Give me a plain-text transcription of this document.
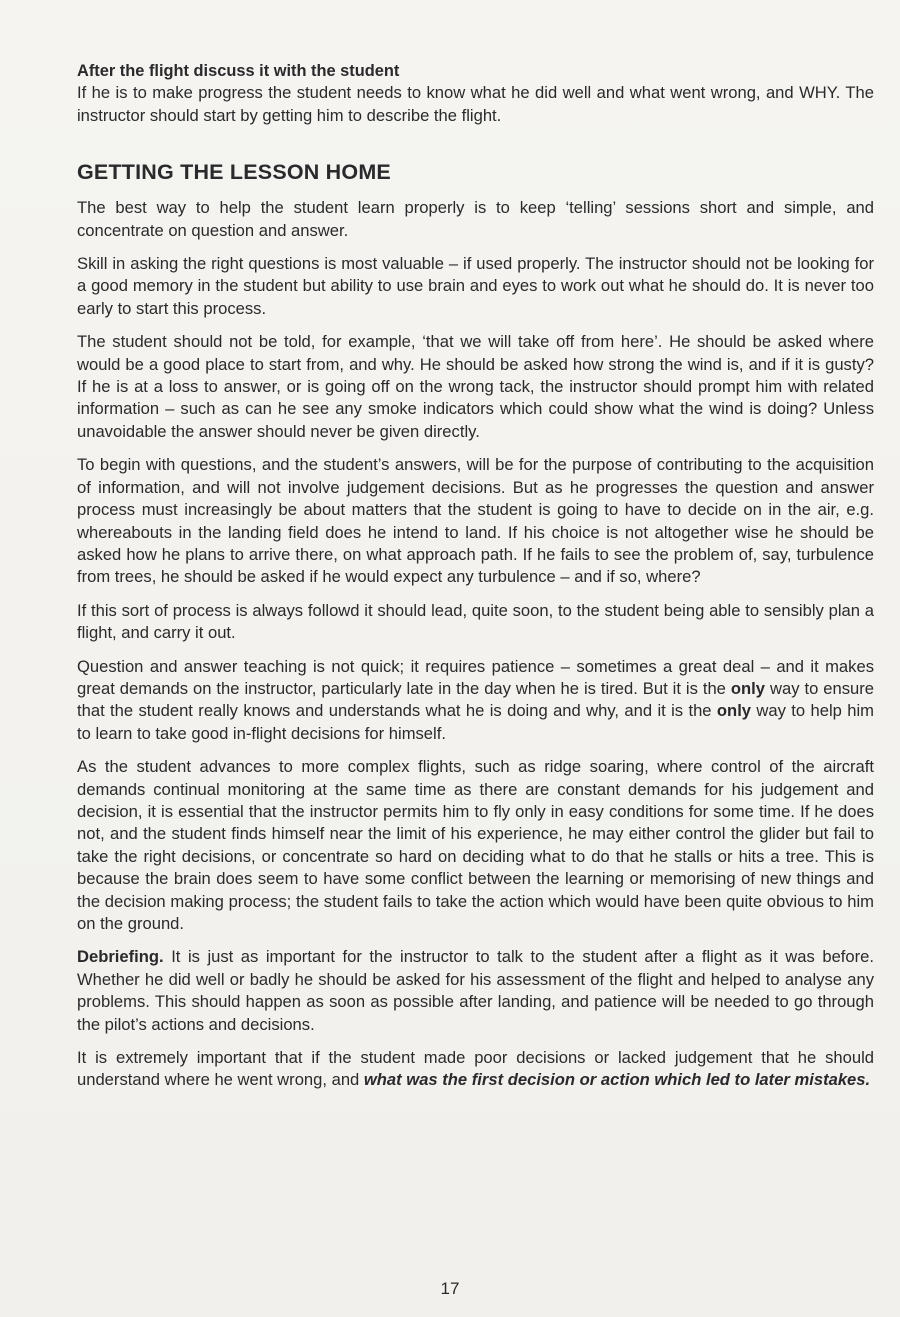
After the flight discuss it with the student
If he is to make progress the student needs to know what he did well and what went wrong, and WHY. The instructor should start by getting him to describe the flight.

GETTING THE LESSON HOME

The best way to help the student learn properly is to keep ‘telling’ sessions short and simple, and concentrate on question and answer.

Skill in asking the right questions is most valuable – if used properly. The instructor should not be looking for a good memory in the student but ability to use brain and eyes to work out what he should do. It is never too early to start this process.

The student should not be told, for example, ‘that we will take off from here’. He should be asked where would be a good place to start from, and why. He should be asked how strong the wind is, and if it is gusty? If he is at a loss to answer, or is going off on the wrong tack, the instructor should prompt him with related information – such as can he see any smoke indicators which could show what the wind is doing? Unless unavoidable the answer should never be given directly.

To begin with questions, and the student’s answers, will be for the purpose of contributing to the acquisition of information, and will not involve judgement decisions. But as he progresses the question and answer process must increasingly be about matters that the student is going to have to decide on in the air, e.g. whereabouts in the landing field does he intend to land. If his choice is not altogether wise he should be asked how he plans to arrive there, on what approach path. If he fails to see the problem of, say, turbulence from trees, he should be asked if he would expect any turbulence – and if so, where?

If this sort of process is always followd it should lead, quite soon, to the student being able to sensibly plan a flight, and carry it out.

Question and answer teaching is not quick; it requires patience – sometimes a great deal – and it makes great demands on the instructor, particularly late in the day when he is tired. But it is the only way to ensure that the student really knows and understands what he is doing and why, and it is the only way to help him to learn to take good in-flight decisions for himself.

As the student advances to more complex flights, such as ridge soaring, where control of the aircraft demands continual monitoring at the same time as there are constant demands for his judgement and decision, it is essential that the instructor permits him to fly only in easy conditions for some time. If he does not, and the student finds himself near the limit of his experience, he may either control the glider but fail to take the right decisions, or concentrate so hard on deciding what to do that he stalls or hits a tree. This is because the brain does seem to have some conflict between the learning or memorising of new things and the decision making process; the student fails to take the action which would have been quite obvious to him on the ground.

Debriefing. It is just as important for the instructor to talk to the student after a flight as it was before. Whether he did well or badly he should be asked for his assessment of the flight and helped to analyse any problems. This should happen as soon as possible after landing, and patience will be needed to go through the pilot’s actions and decisions.

It is extremely important that if the student made poor decisions or lacked judgement that he should understand where he went wrong, and what was the first decision or action which led to later mistakes.

17
